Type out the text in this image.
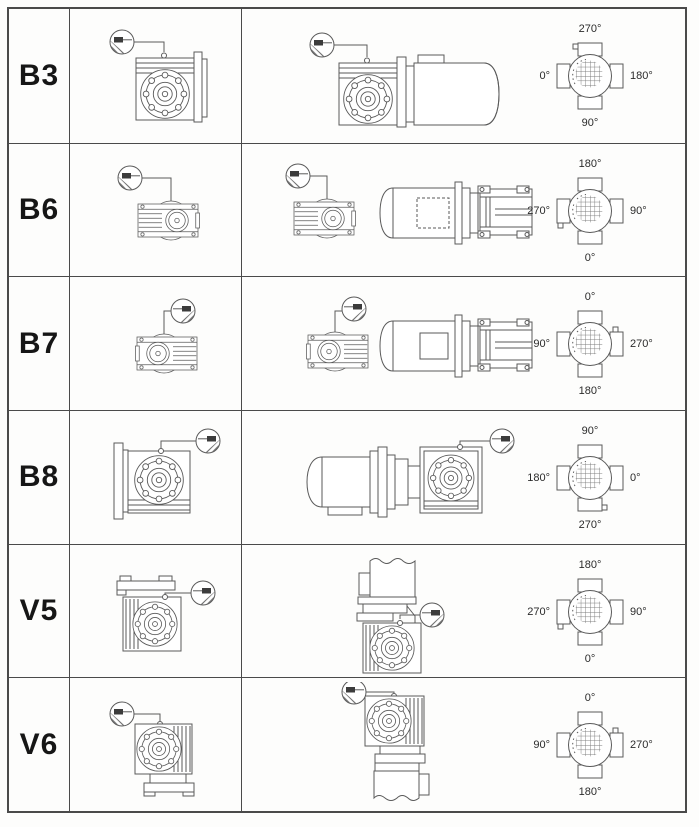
B3
270°
0°	180°
90°
B6
180°
270°	90°
0°
B7
0°
90°	270°
180°
B8
90°
180°	0°
270°
V5
180°
270°	90°
0°
V6
0°
90°	270°
180°
